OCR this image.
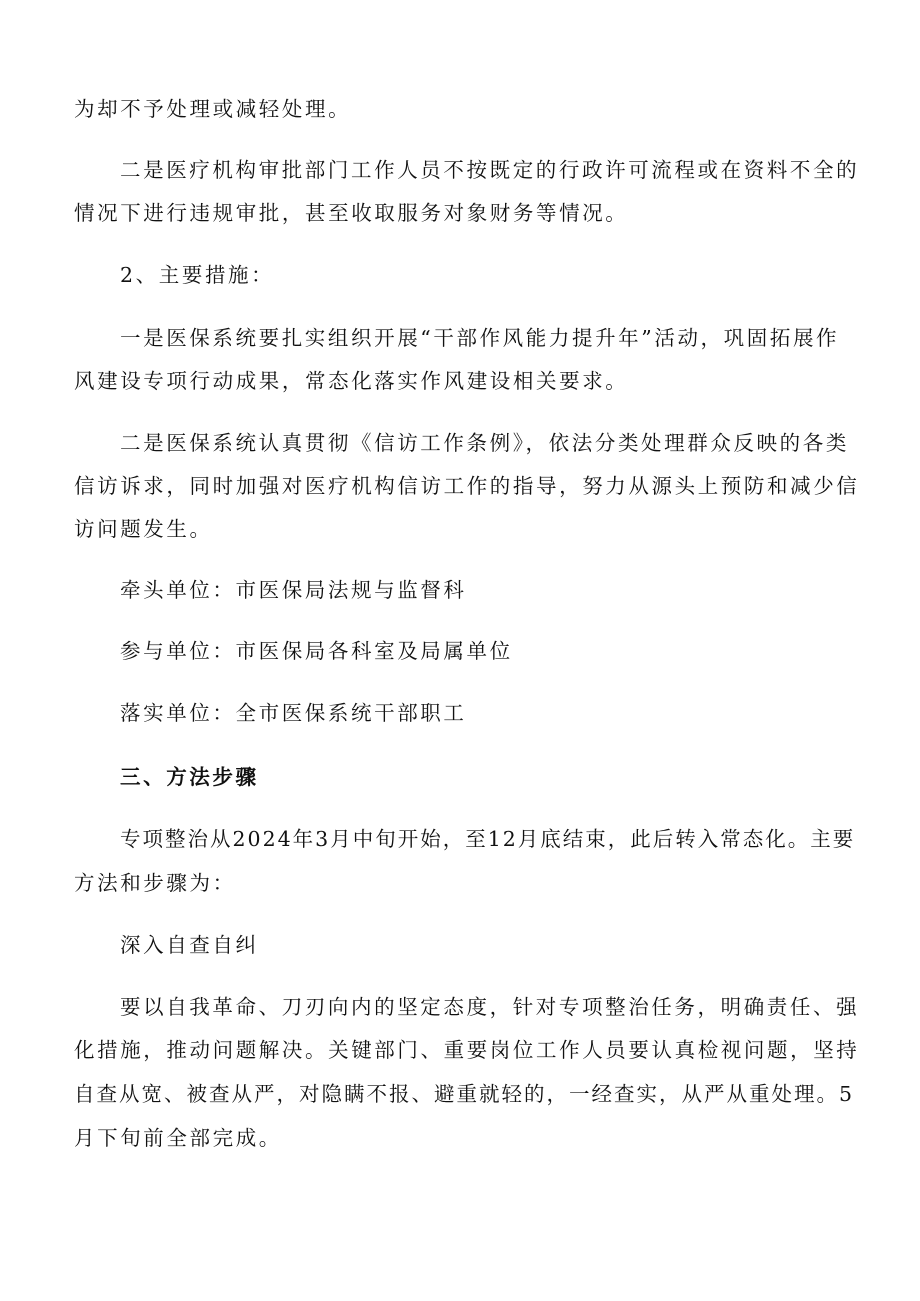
为却不予处理或减轻处理。
二是医疗机构审批部门工作人员不按既定的行政许可流程或在资料不全的
情况下进行违规审批，甚至收取服务对象财务等情况。
2、主要措施：
一是医保系统要扎实组织开展“干部作风能力提升年”活动，巩固拓展作
风建设专项行动成果，常态化落实作风建设相关要求。
二是医保系统认真贯彻《信访工作条例》，依法分类处理群众反映的各类
信访诉求，同时加强对医疗机构信访工作的指导，努力从源头上预防和减少信
访问题发生。
牵头单位：市医保局法规与监督科
参与单位：市医保局各科室及局属单位
落实单位：全市医保系统干部职工
三、方法步骤
专项整治从2024年3月中旬开始，至12月底结束，此后转入常态化。主要
方法和步骤为：
深入自查自纠
要以自我革命、刀刃向内的坚定态度，针对专项整治任务，明确责任、强
化措施，推动问题解决。关键部门、重要岗位工作人员要认真检视问题，坚持
自查从宽、被查从严，对隐瞒不报、避重就轻的，一经查实，从严从重处理。5
月下旬前全部完成。
